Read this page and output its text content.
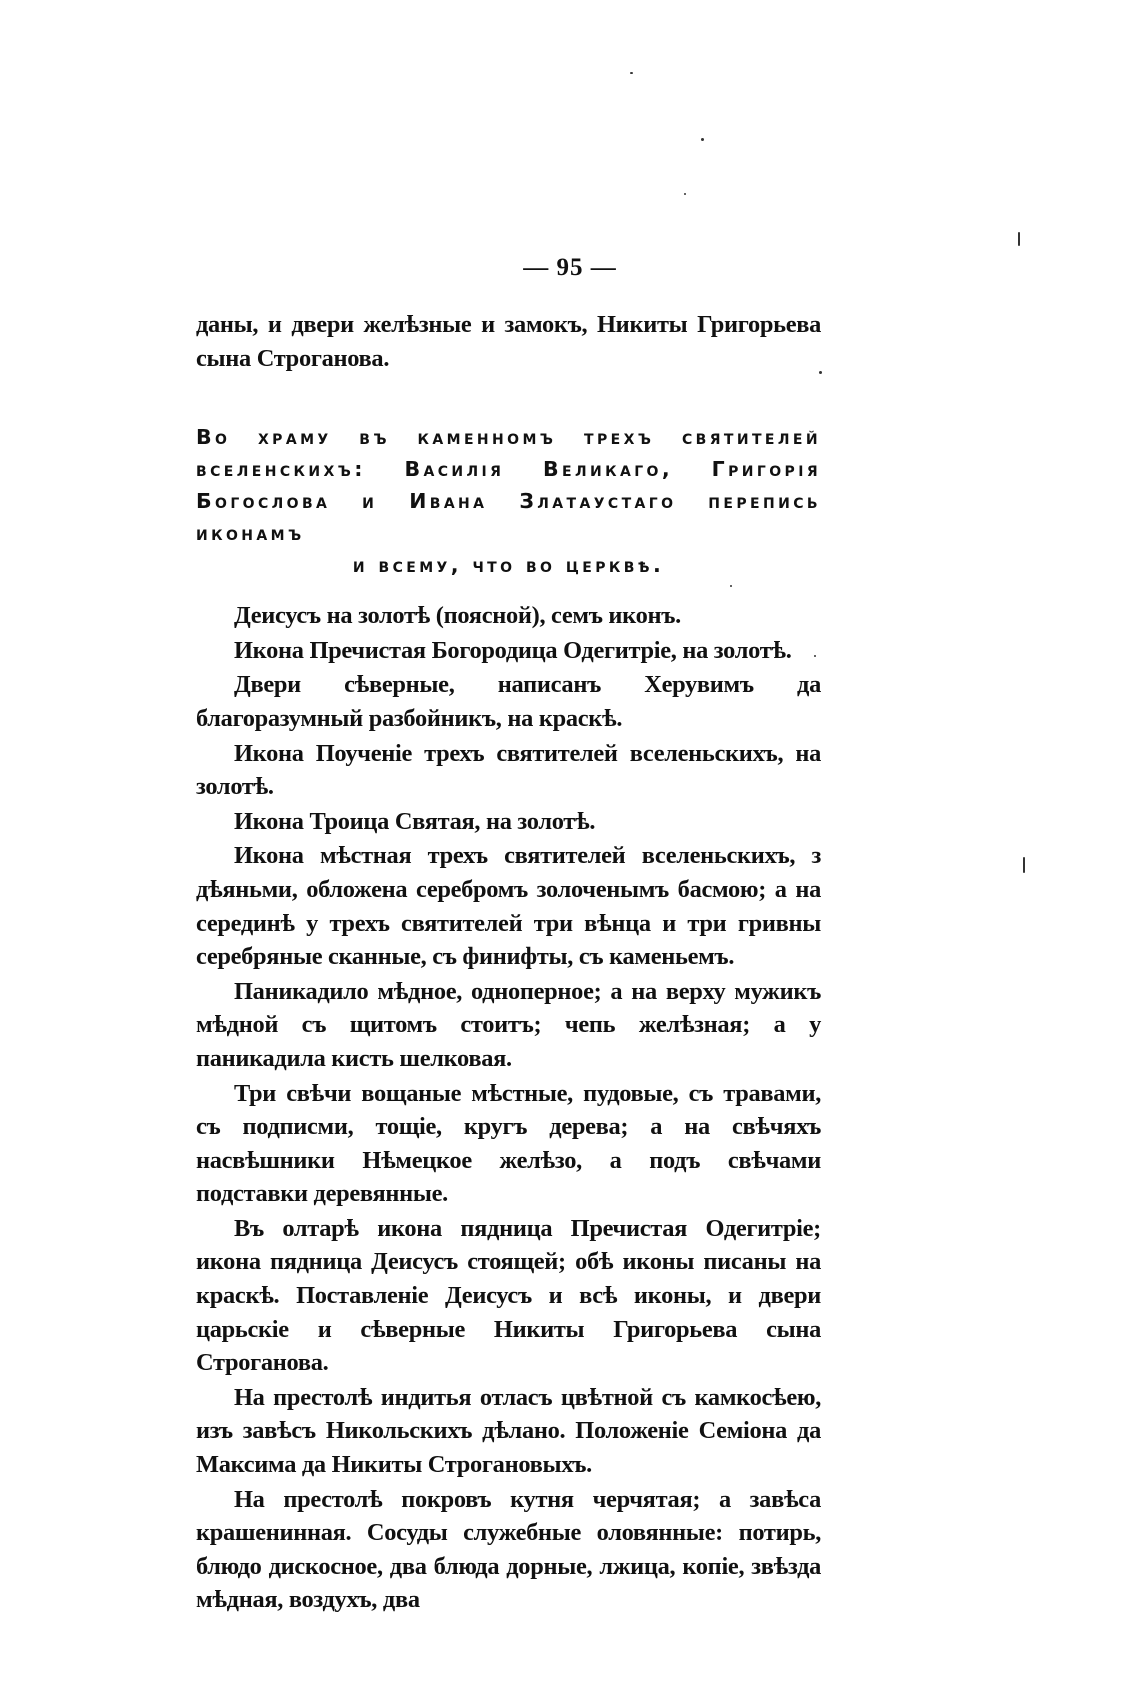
— 95 —

даны, и двери желѣзные и замокъ, Никиты Григорьева сына Строганова.

Во храму въ каменномъ трехъ святителей вселенскихъ: Василія Великаго, Григорія Богослова и Ивана Златаустаго перепись иконамъ
и всему, что во церквѣ.

Деисусъ на золотѣ (поясной), семъ иконъ.

Икона Пречистая Богородица Одегитріе, на золотѣ.

Двери сѣверные, написанъ Херувимъ да благоразумный разбойникъ, на краскѣ.

Икона Поученіе трехъ святителей вселеньскихъ, на золотѣ.

Икона Троица Святая, на золотѣ.

Икона мѣстная трехъ святителей вселеньскихъ, з дѣяньми, обложена серебромъ золоченымъ басмою; а на серединѣ у трехъ святителей три вѣнца и три гривны серебряные сканные, съ финифты, съ каменьемъ.

Паникадило мѣдное, одноперное; а на верху мужикъ мѣдной съ щитомъ стоитъ; чепь желѣзная; а у паникадила кисть шелковая.

Три свѣчи вощаные мѣстные, пудовые, съ травами, съ подписми, тощіе, кругъ дерева; а на свѣчяхъ насвѣшники Нѣмецкое желѣзо, а подъ свѣчами подставки деревянные.

Въ олтарѣ икона пядница Пречистая Одегитріе; икона пядница Деисусъ стоящей; обѣ иконы писаны на краскѣ. Поставленіе Деисусъ и всѣ иконы, и двери царьскіе и сѣверные Никиты Григорьева сына Строганова.

На престолѣ индитья отласъ цвѣтной съ камкосѣею, изъ завѣсъ Никольскихъ дѣлано. Положеніе Семіона да Максима да Никиты Строгановыхъ.

На престолѣ покровъ кутня черчятая; а завѣса крашенинная. Сосуды служебные оловянные: потирь, блюдо дискосное, два блюда дорные, лжица, копіе, звѣзда мѣдная, воздухъ, два
